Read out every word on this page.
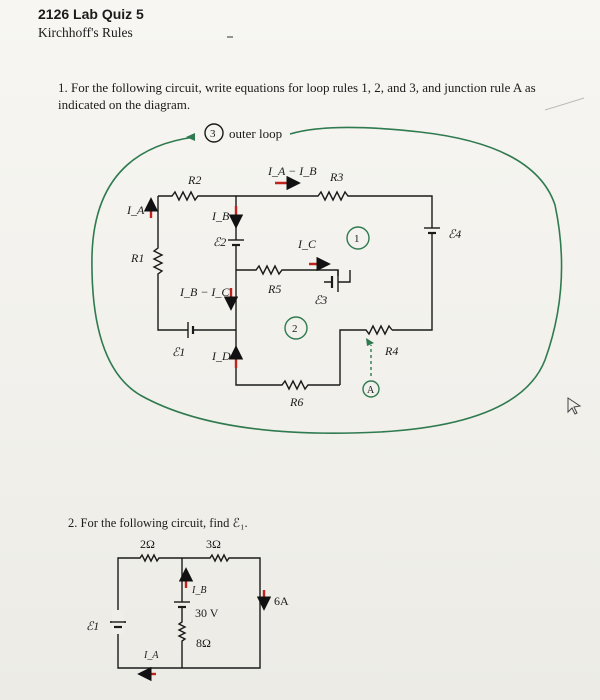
2126 Lab Quiz 5
Kirchhoff's Rules
1. For the following circuit, write equations for loop rules 1, 2, and 3, and junction rule A as indicated on the diagram.
2. For the following circuit, find ℰ₁.
3 outer loop
1
2
A
I_A	I_B
I_A − I_B
I_C
I_B − I_C
I_D
R2
R1
R3
R5
R4
R6
ℰ2
ℰ1
ℰ3
ℰ4
2Ω	3Ω
I_B
30 V
8Ω
6A
I_A
ℰ1
